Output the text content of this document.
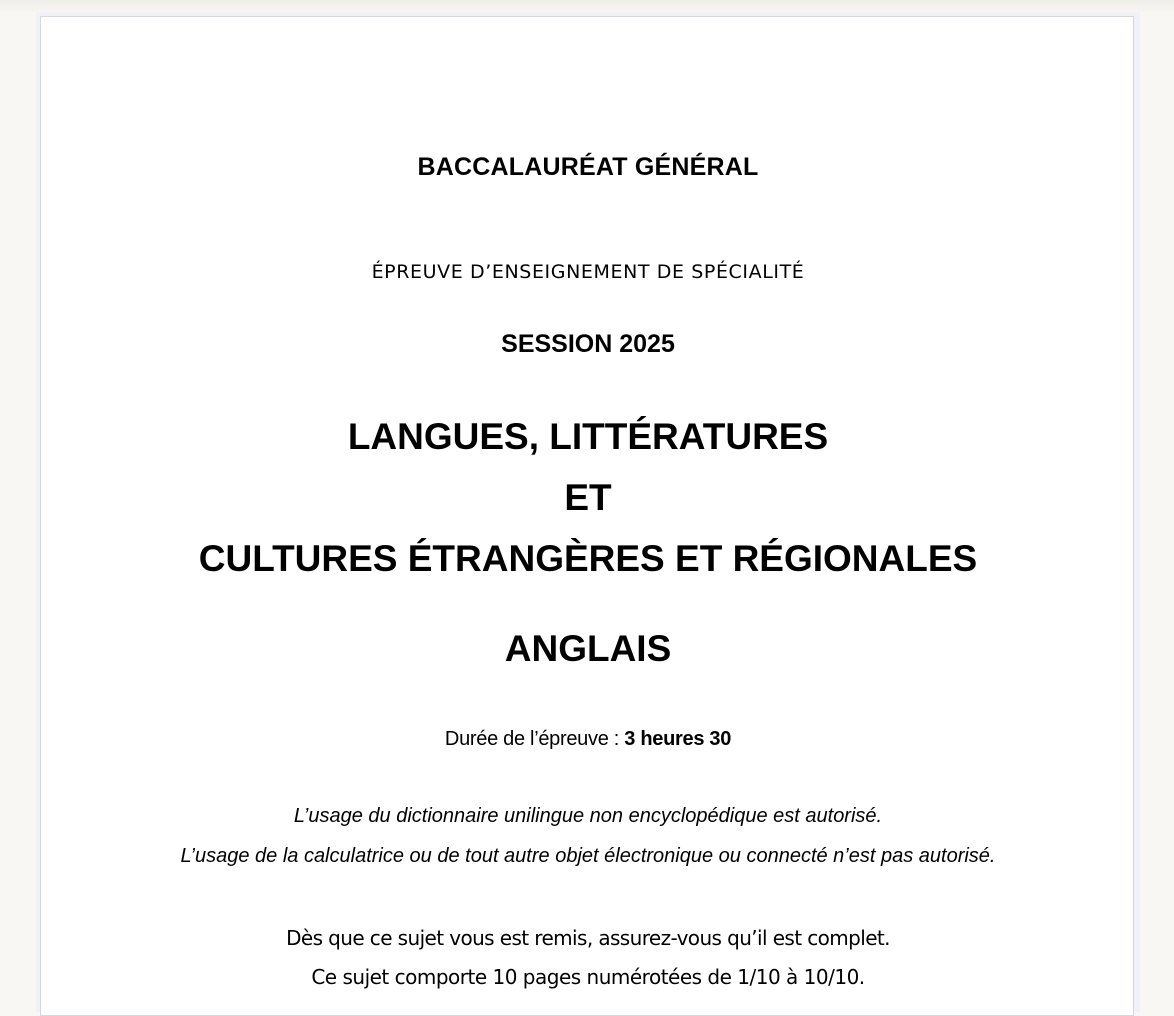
BACCALAURÉAT GÉNÉRAL
ÉPREUVE D’ENSEIGNEMENT DE SPÉCIALITÉ
SESSION 2025
LANGUES, LITTÉRATURES
ET
CULTURES ÉTRANGÈRES ET RÉGIONALES
ANGLAIS
Durée de l’épreuve : 3 heures 30
L’usage du dictionnaire unilingue non encyclopédique est autorisé.
L’usage de la calculatrice ou de tout autre objet électronique ou connecté n’est pas autorisé.
Dès que ce sujet vous est remis, assurez-vous qu’il est complet.
Ce sujet comporte 10 pages numérotées de 1/10 à 10/10.
